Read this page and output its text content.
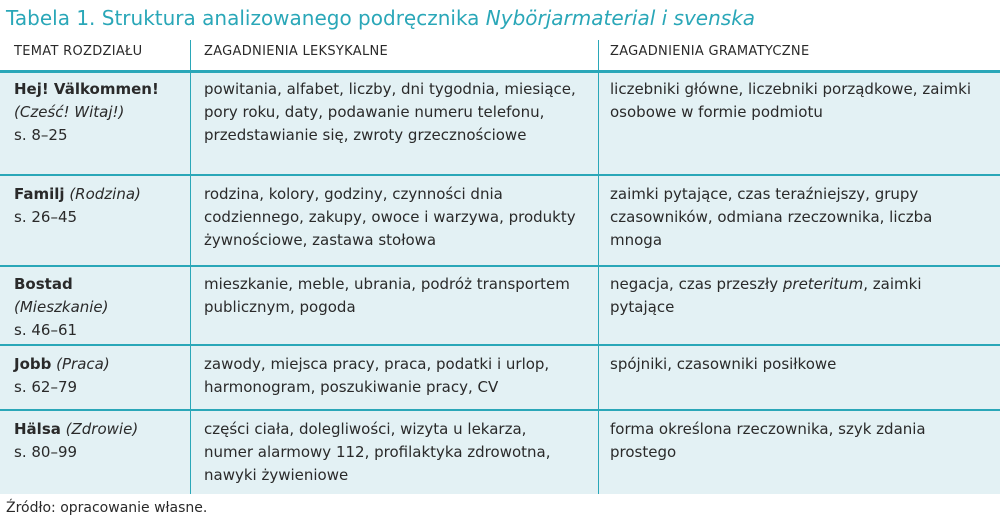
Tabela 1. Struktura analizowanego podręcznika Nybörjarmaterial i svenska
TEMAT ROZDZIAŁU	ZAGADNIENIA LEKSYKALNE	ZAGADNIENIA GRAMATYCZNE
Hej! Välkommen!
(Cześć! Witaj!)
s. 8–25
powitania, alfabet, liczby, dni tygodnia, miesiące, pory roku, daty, podawanie numeru telefonu, przedstawianie się, zwroty grzecznościowe
liczebniki główne, liczebniki porządkowe, zaimki osobowe w formie podmiotu
Familj (Rodzina)
s. 26–45
rodzina, kolory, godziny, czynności dnia codziennego, zakupy, owoce i warzywa, produkty żywnościowe, zastawa stołowa
zaimki pytające, czas teraźniejszy, grupy czasowników, odmiana rzeczownika, liczba mnoga
Bostad
(Mieszkanie)
s. 46–61
mieszkanie, meble, ubrania, podróż transportem publicznym, pogoda
negacja, czas przeszły preteritum, zaimki pytające
Jobb (Praca)
s. 62–79
zawody, miejsca pracy, praca, podatki i urlop, harmonogram, poszukiwanie pracy, CV
spójniki, czasowniki posiłkowe
Hälsa (Zdrowie)
s. 80–99
części ciała, dolegliwości, wizyta u lekarza, numer alarmowy 112, profilaktyka zdrowotna, nawyki żywieniowe
forma określona rzeczownika, szyk zdania prostego
Źródło: opracowanie własne.
